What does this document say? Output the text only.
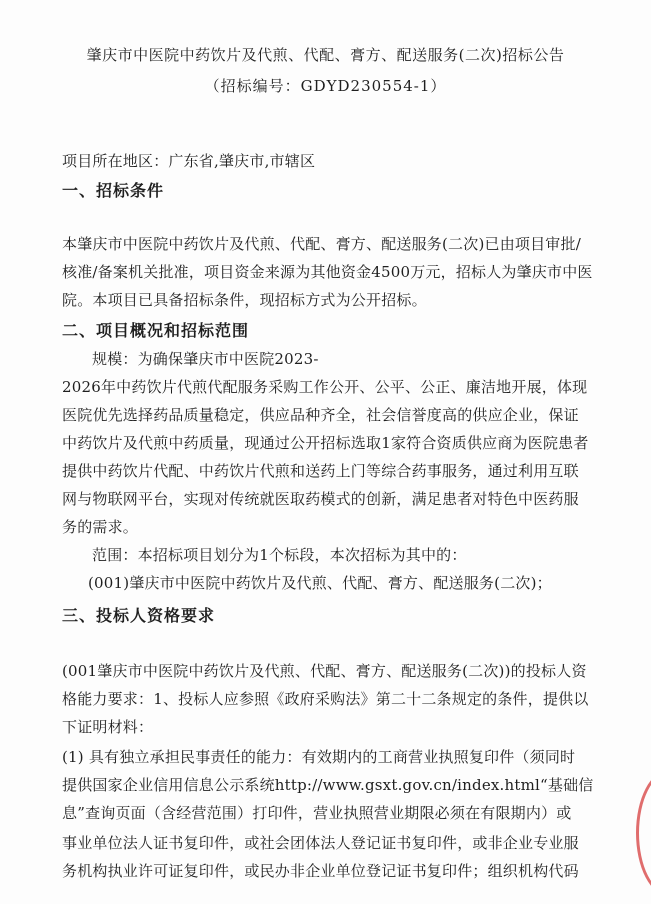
肇庆市中医院中药饮片及代煎、代配、膏方、配送服务(二次)招标公告
（招标编号：GDYD230554-1）
项目所在地区：广东省,肇庆市,市辖区
一、招标条件
本肇庆市中医院中药饮片及代煎、代配、膏方、配送服务(二次)已由项目审批/
核准/备案机关批准，项目资金来源为其他资金4500万元，招标人为肇庆市中医
院。本项目已具备招标条件，现招标方式为公开招标。
二、项目概况和招标范围
规模：为确保肇庆市中医院2023-
2026年中药饮片代煎代配服务采购工作公开、公平、公正、廉洁地开展，体现
医院优先选择药品质量稳定，供应品种齐全，社会信誉度高的供应企业，保证
中药饮片及代煎中药质量，现通过公开招标选取1家符合资质供应商为医院患者
提供中药饮片代配、中药饮片代煎和送药上门等综合药事服务，通过利用互联
网与物联网平台，实现对传统就医取药模式的创新，满足患者对特色中医药服
务的需求。
范围：本招标项目划分为1个标段，本次招标为其中的：
(001)肇庆市中医院中药饮片及代煎、代配、膏方、配送服务(二次)；
三、投标人资格要求
(001肇庆市中医院中药饮片及代煎、代配、膏方、配送服务(二次))的投标人资
格能力要求：1、投标人应参照《政府采购法》第二十二条规定的条件，提供以
下证明材料：
(1) 具有独立承担民事责任的能力：有效期内的工商营业执照复印件（须同时
提供国家企业信用信息公示系统http://www.gsxt.gov.cn/index.html“基础信
息”查询页面（含经营范围）打印件，营业执照营业期限必须在有限期内）或
事业单位法人证书复印件，或社会团体法人登记证书复印件，或非企业专业服
务机构执业许可证复印件，或民办非企业单位登记证书复印件；组织机构代码
